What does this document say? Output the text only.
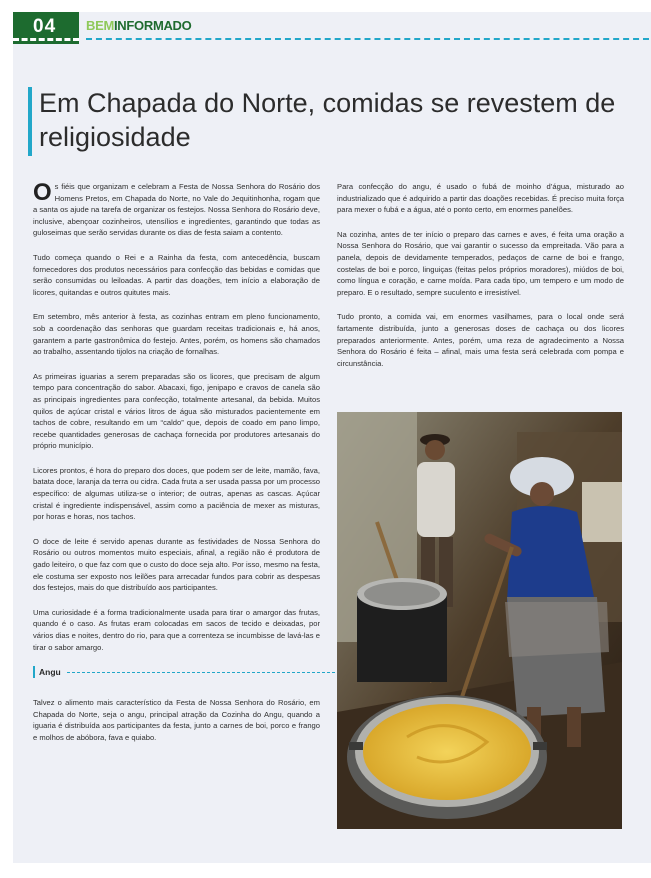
04 BEMINFORMADO
Em Chapada do Norte, comidas se revestem de religiosidade

Os fiéis que organizam e celebram a Festa de Nossa Senhora do Rosário dos Homens Pretos, em Chapada do Norte, no Vale do Jequitinhonha, rogam que a santa os ajude na tarefa de organizar os festejos. Nossa Senhora do Rosário deve, inclusive, abençoar cozinheiros, utensílios e ingredientes, garantindo que todas as guloseimas que serão servidas durante os dias de festa saiam a contento.

Tudo começa quando o Rei e a Rainha da festa, com antecedência, buscam fornecedores dos produtos necessários para confecção das bebidas e comidas que serão consumidas ou leiloadas. A partir das doações, tem início a elaboração de licores, quitandas e outros quitutes mais.

Em setembro, mês anterior à festa, as cozinhas entram em pleno funcionamento, sob a coordenação das senhoras que guardam receitas tradicionais e, há anos, garantem a parte gastronômica do festejo. Antes, porém, os homens são chamados ao trabalho, assentando tijolos na criação de fornalhas.

As primeiras iguarias a serem preparadas são os licores, que precisam de algum tempo para concentração do sabor. Abacaxi, figo, jenipapo e cravos de canela são as principais ingredientes para confecção, totalmente artesanal, da bebida. Muitos quilos de açúcar cristal e vários litros de água são misturados pacientemente em tachos de cobre, resultando em um “caldo” que, depois de coado em pano limpo, recebe quantidades generosas de cachaça fornecida por produtores artesanais do próprio município.

Licores prontos, é hora do preparo dos doces, que podem ser de leite, mamão, fava, batata doce, laranja da terra ou cidra. Cada fruta a ser usada passa por um processo específico: de algumas utiliza-se o interior; de outras, apenas as cascas. Açúcar cristal é ingrediente indispensável, assim como a paciência de mexer as misturas, por horas e horas, nos tachos.

O doce de leite é servido apenas durante as festividades de Nossa Senhora do Rosário ou outros momentos muito especiais, afinal, a região não é produtora de gado leiteiro, o que faz com que o custo do doce seja alto. Por isso, mesmo na festa, ele costuma ser exposto nos leilões para arrecadar fundos para cobrir as despesas dos festejos, mais do que distribuído aos participantes.

Uma curiosidade é a forma tradicionalmente usada para tirar o amargor das frutas, quando é o caso. As frutas eram colocadas em sacos de tecido e deixadas, por vários dias e noites, dentro do rio, para que a correnteza se incumbisse de lavá-las e tirar o sabor amargo.

Angu

Talvez o alimento mais característico da Festa de Nossa Senhora do Rosário, em Chapada do Norte, seja o angu, principal atração da Cozinha do Angu, quando a iguaria é distribuída aos participantes da festa, junto a carnes de boi, porco e frango e molhos de abóbora, fava e quiabo.

Para confecção do angu, é usado o fubá de moinho d’água, misturado ao industrializado que é adquirido a partir das doações recebidas. É preciso muita força para mexer o fubá e a água, até o ponto certo, em enormes panelões.

Na cozinha, antes de ter início o preparo das carnes e aves, é feita uma oração a Nossa Senhora do Rosário, que vai garantir o sucesso da empreitada. Vão para a panela, depois de devidamente temperados, pedaços de carne de boi e frango, costelas de boi e porco, linguiças (feitas pelos próprios moradores), miúdos de boi, como língua e coração, e carne moída. Para cada tipo, um tempero e um modo de preparo. E o resultado, sempre suculento e irresistível.

Tudo pronto, a comida vai, em enormes vasilhames, para o local onde será fartamente distribuída, junto a generosas doses de cachaça ou dos licores preparados anteriormente. Antes, porém, uma reza de agradecimento a Nossa Senhora do Rosário é feita – afinal, mais uma festa será celebrada com pompa e circunstância.
